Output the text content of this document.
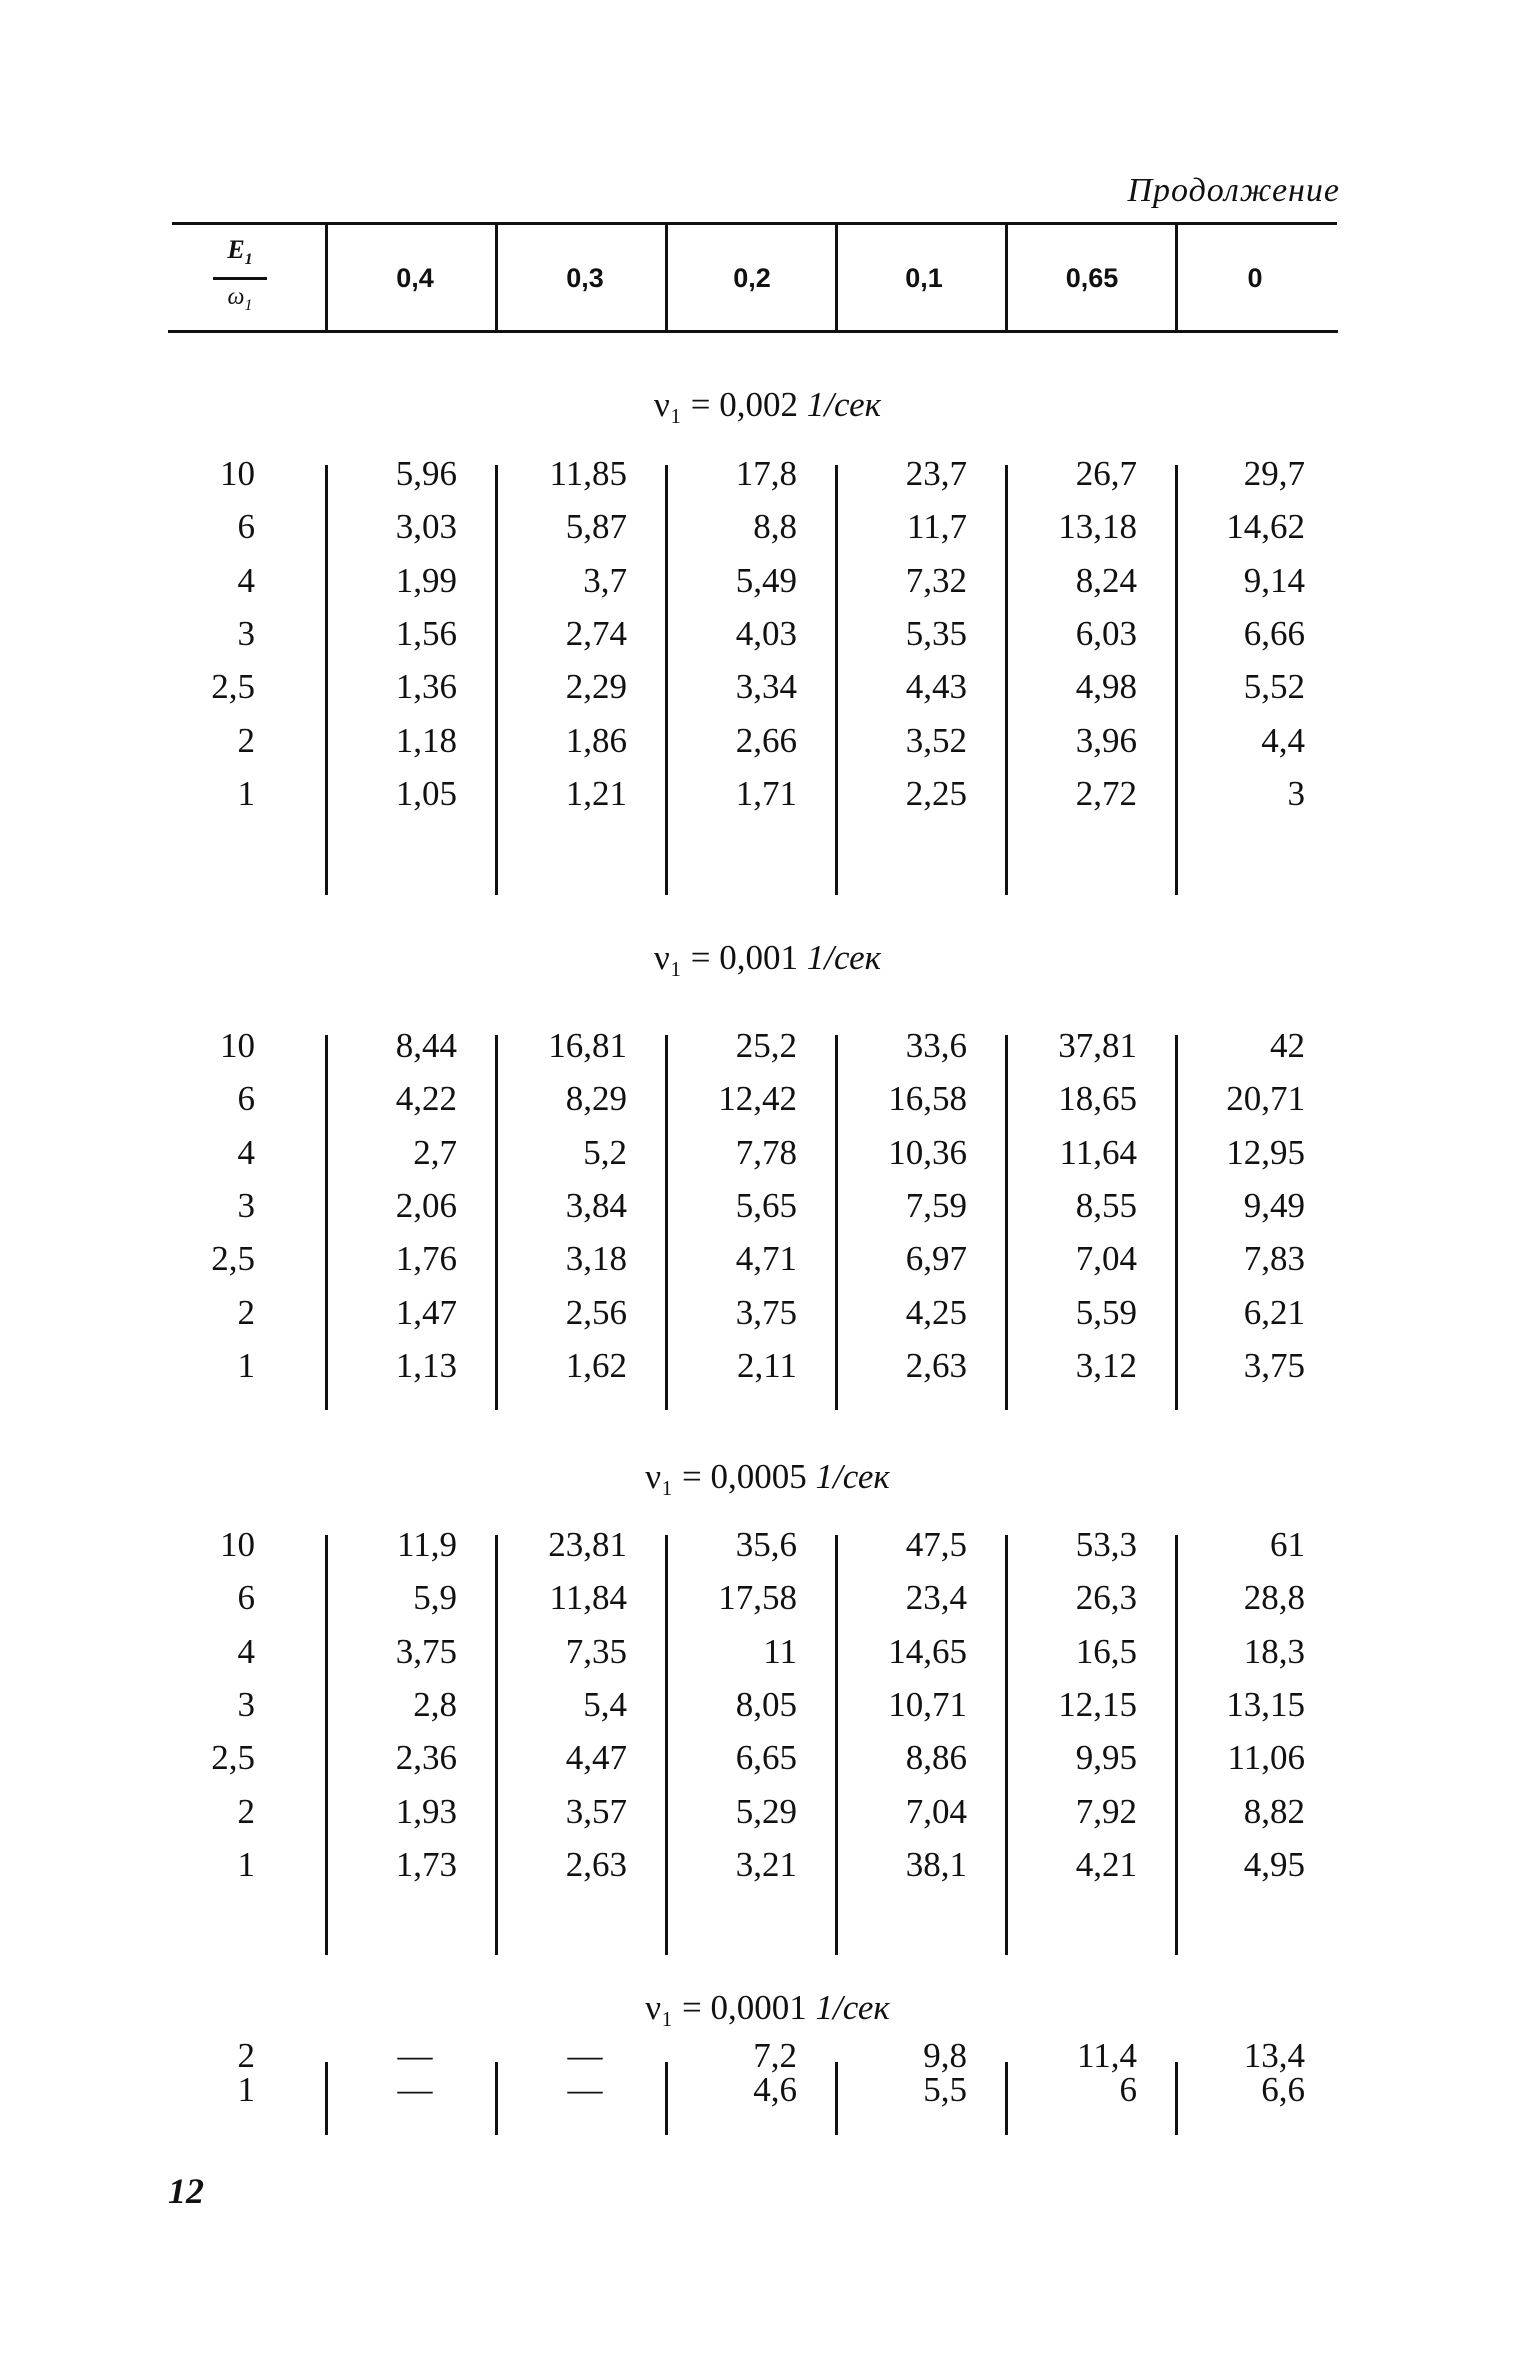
Продолжение
$E_1$
$\omega_1$
0,4	0,3	0,2	0,1	0,65	0
ν₁ = 0,002 1/сек
10	5,96	11,85	17,8	23,7	26,7	29,7
6	3,03	5,87	8,8	11,7	13,18	14,62
4	1,99	3,7	5,49	7,32	8,24	9,14
3	1,56	2,74	4,03	5,35	6,03	6,66
2,5	1,36	2,29	3,34	4,43	4,98	5,52
2	1,18	1,86	2,66	3,52	3,96	4,4
1	1,05	1,21	1,71	2,25	2,72	3
ν₁ = 0,001 1/сек
10	8,44	16,81	25,2	33,6	37,81	42
6	4,22	8,29	12,42	16,58	18,65	20,71
4	2,7	5,2	7,78	10,36	11,64	12,95
3	2,06	3,84	5,65	7,59	8,55	9,49
2,5	1,76	3,18	4,71	6,97	7,04	7,83
2	1,47	2,56	3,75	4,25	5,59	6,21
1	1,13	1,62	2,11	2,63	3,12	3,75
ν₁ = 0,0005 1/сек
10	11,9	23,81	35,6	47,5	53,3	61
6	5,9	11,84	17,58	23,4	26,3	28,8
4	3,75	7,35	11	14,65	16,5	18,3
3	2,8	5,4	8,05	10,71	12,15	13,15
2,5	2,36	4,47	6,65	8,86	9,95	11,06
2	1,93	3,57	5,29	7,04	7,92	8,82
1	1,73	2,63	3,21	38,1	4,21	4,95
ν₁ = 0,0001 1/сек
2	—	—	7,2	9,8	11,4	13,4
1	—	—	4,6	5,5	6	6,6
12
